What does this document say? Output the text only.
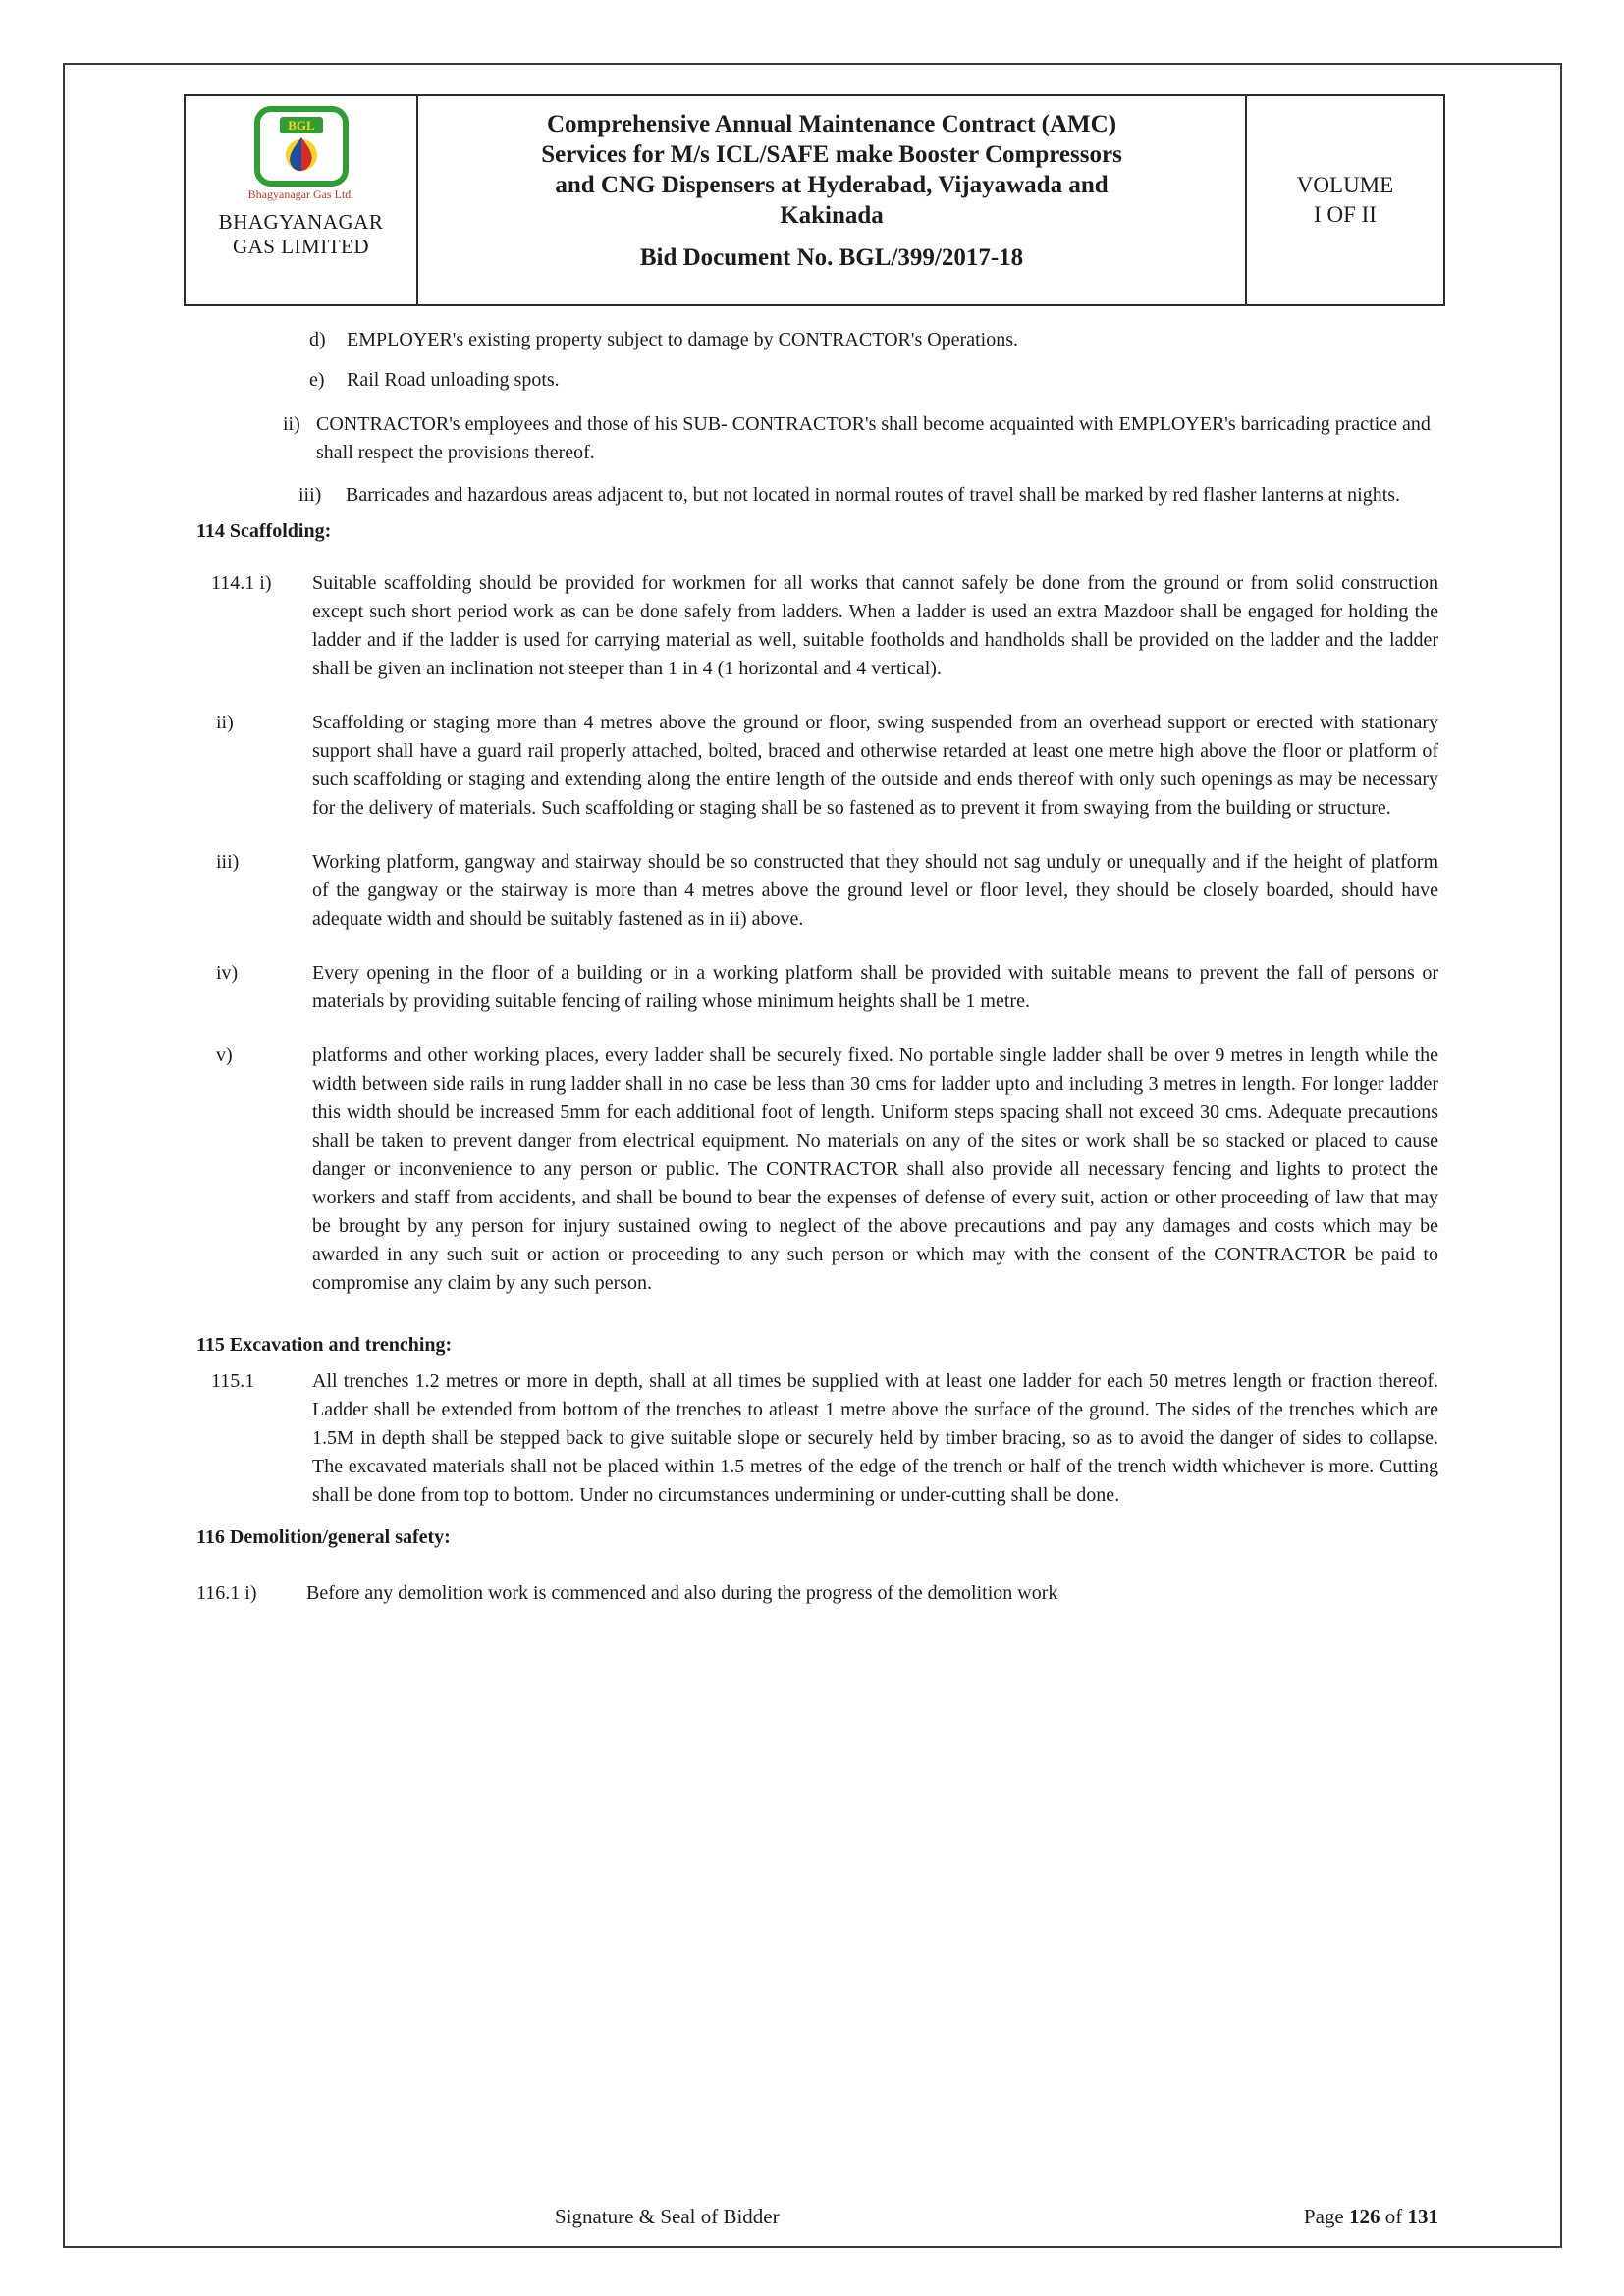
BGL
Bhagyanagar Gas Ltd.
BHAGYANAGAR
GAS LIMITED
Comprehensive Annual Maintenance Contract (AMC)
Services for M/s ICL/SAFE make Booster Compressors
and CNG Dispensers at Hyderabad, Vijayawada and
Kakinada
Bid Document No. BGL/399/2017-18
VOLUME
I OF II
d)	EMPLOYER's existing property subject to damage by CONTRACTOR's Operations.
e)	Rail Road unloading spots.
ii) CONTRACTOR's employees and those of his SUB- CONTRACTOR's shall become acquainted with EMPLOYER's barricading practice and shall respect the provisions thereof.
iii)	Barricades and hazardous areas adjacent to, but not located in normal routes of travel shall be marked by red flasher lanterns at nights.
114 Scaffolding:
114.1 i)	Suitable scaffolding should be provided for workmen for all works that cannot safely be done from the ground or from solid construction except such short period work as can be done safely from ladders. When a ladder is used an extra Mazdoor shall be engaged for holding the ladder and if the ladder is used for carrying material as well, suitable footholds and handholds shall be provided on the ladder and the ladder shall be given an inclination not steeper than 1 in 4 (1 horizontal and 4 vertical).
ii)	Scaffolding or staging more than 4 metres above the ground or floor, swing suspended from an overhead support or erected with stationary support shall have a guard rail properly attached, bolted, braced and otherwise retarded at least one metre high above the floor or platform of such scaffolding or staging and extending along the entire length of the outside and ends thereof with only such openings as may be necessary for the delivery of materials. Such scaffolding or staging shall be so fastened as to prevent it from swaying from the building or structure.
iii)	Working platform, gangway and stairway should be so constructed that they should not sag unduly or unequally and if the height of platform of the gangway or the stairway is more than 4 metres above the ground level or floor level, they should be closely boarded, should have adequate width and should be suitably fastened as in ii) above.
iv)	Every opening in the floor of a building or in a working platform shall be provided with suitable means to prevent the fall of persons or materials by providing suitable fencing of railing whose minimum heights shall be 1 metre.
v)	platforms and other working places, every ladder shall be securely fixed. No portable single ladder shall be over 9 metres in length while the width between side rails in rung ladder shall in no case be less than 30 cms for ladder upto and including 3 metres in length. For longer ladder this width should be increased 5mm for each additional foot of length. Uniform steps spacing shall not exceed 30 cms. Adequate precautions shall be taken to prevent danger from electrical equipment. No materials on any of the sites or work shall be so stacked or placed to cause danger or inconvenience to any person or public. The CONTRACTOR shall also provide all necessary fencing and lights to protect the workers and staff from accidents, and shall be bound to bear the expenses of defense of every suit, action or other proceeding of law that may be brought by any person for injury sustained owing to neglect of the above precautions and pay any damages and costs which may be awarded in any such suit or action or proceeding to any such person or which may with the consent of the CONTRACTOR be paid to compromise any claim by any such person.
115 Excavation and trenching:
115.1	All trenches 1.2 metres or more in depth, shall at all times be supplied with at least one ladder for each 50 metres length or fraction thereof. Ladder shall be extended from bottom of the trenches to atleast 1 metre above the surface of the ground. The sides of the trenches which are 1.5M in depth shall be stepped back to give suitable slope or securely held by timber bracing, so as to avoid the danger of sides to collapse. The excavated materials shall not be placed within 1.5 metres of the edge of the trench or half of the trench width whichever is more. Cutting shall be done from top to bottom. Under no circumstances undermining or under-cutting shall be done.
116 Demolition/general safety:
116.1 i)	Before any demolition work is commenced and also during the progress of the demolition work
Signature & Seal of Bidder	Page 126 of 131
